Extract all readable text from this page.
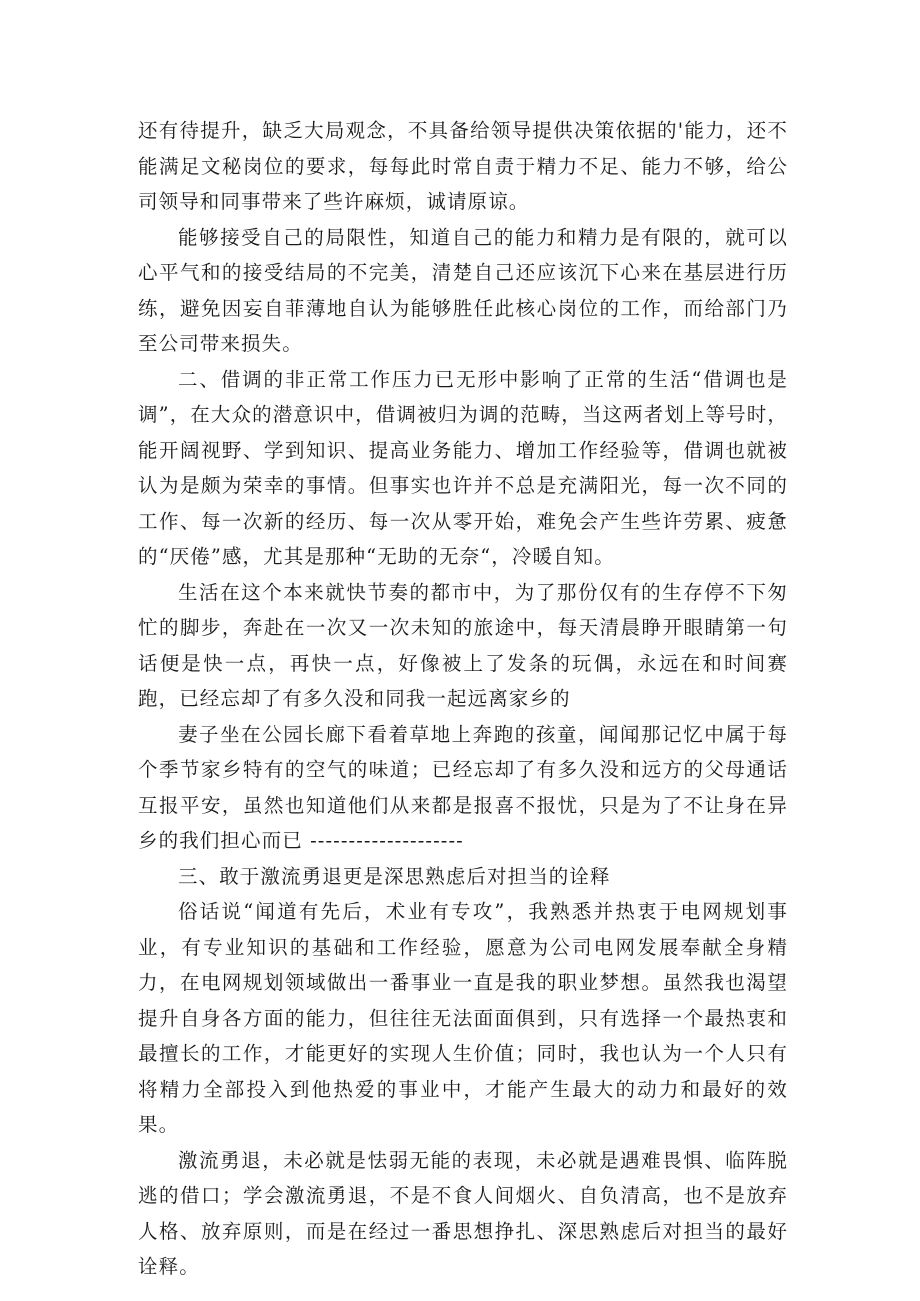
还有待提升，缺乏大局观念，不具备给领导提供决策依据的'能力，还不能满足文秘岗位的要求，每每此时常自责于精力不足、能力不够，给公司领导和同事带来了些许麻烦，诚请原谅。

能够接受自己的局限性，知道自己的能力和精力是有限的，就可以心平气和的接受结局的不完美，清楚自己还应该沉下心来在基层进行历练，避免因妄自菲薄地自认为能够胜任此核心岗位的工作，而给部门乃至公司带来损失。

二、借调的非正常工作压力已无形中影响了正常的生活“借调也是调”，在大众的潜意识中，借调被归为调的范畴，当这两者划上等号时，能开阔视野、学到知识、提高业务能力、增加工作经验等，借调也就被认为是颇为荣幸的事情。但事实也许并不总是充满阳光，每一次不同的工作、每一次新的经历、每一次从零开始，难免会产生些许劳累、疲惫的“厌倦”感，尤其是那种“无助的无奈“，冷暖自知。

生活在这个本来就快节奏的都市中，为了那份仅有的生存停不下匆忙的脚步，奔赴在一次又一次未知的旅途中，每天清晨睁开眼睛第一句话便是快一点，再快一点，好像被上了发条的玩偶，永远在和时间赛跑，已经忘却了有多久没和同我一起远离家乡的

妻子坐在公园长廊下看着草地上奔跑的孩童，闻闻那记忆中属于每个季节家乡特有的空气的味道；已经忘却了有多久没和远方的父母通话互报平安，虽然也知道他们从来都是报喜不报忧，只是为了不让身在异乡的我们担心而已 --------------------

三、敢于激流勇退更是深思熟虑后对担当的诠释

俗话说“闻道有先后，术业有专攻”，我熟悉并热衷于电网规划事业，有专业知识的基础和工作经验，愿意为公司电网发展奉献全身精力，在电网规划领域做出一番事业一直是我的职业梦想。虽然我也渴望提升自身各方面的能力，但往往无法面面俱到，只有选择一个最热衷和最擅长的工作，才能更好的实现人生价值；同时，我也认为一个人只有将精力全部投入到他热爱的事业中，才能产生最大的动力和最好的效果。

激流勇退，未必就是怯弱无能的表现，未必就是遇难畏惧、临阵脱逃的借口；学会激流勇退，不是不食人间烟火、自负清高，也不是放弃人格、放弃原则，而是在经过一番思想挣扎、深思熟虑后对担当的最好诠释。
